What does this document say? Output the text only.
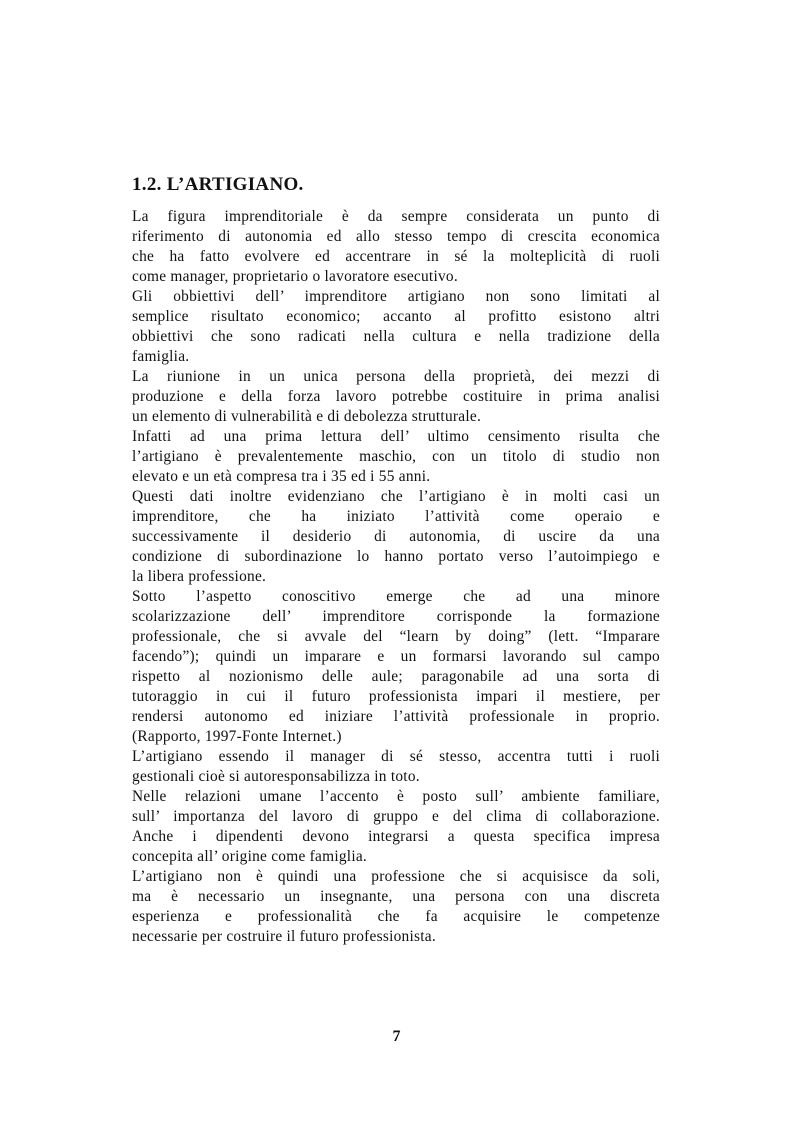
1.2. L’ARTIGIANO.
La figura imprenditoriale è da sempre considerata un punto di
riferimento di autonomia ed allo stesso tempo di crescita economica
che ha fatto evolvere ed accentrare in sé la molteplicità di ruoli
come manager, proprietario o lavoratore esecutivo.
Gli obbiettivi dell’ imprenditore artigiano non sono limitati al
semplice risultato economico; accanto al profitto esistono altri
obbiettivi che sono radicati nella cultura e nella tradizione della
famiglia.
La riunione in un unica persona della proprietà, dei mezzi di
produzione e della forza lavoro potrebbe costituire in prima analisi
un elemento di vulnerabilità e di debolezza strutturale.
Infatti ad una prima lettura dell’ ultimo censimento risulta che
l’artigiano è prevalentemente maschio, con un titolo di studio non
elevato e un età compresa tra i 35 ed i 55 anni.
Questi dati inoltre evidenziano che l’artigiano è in molti casi un
imprenditore, che ha iniziato l’attività come operaio e
successivamente il desiderio di autonomia, di uscire da una
condizione di subordinazione lo hanno portato verso l’autoimpiego e
la libera professione.
Sotto l’aspetto conoscitivo emerge che ad una minore
scolarizzazione dell’ imprenditore corrisponde la formazione
professionale, che si avvale del “learn by doing” (lett. “Imparare
facendo”); quindi un imparare e un formarsi lavorando sul campo
rispetto al nozionismo delle aule; paragonabile ad una sorta di
tutoraggio in cui il futuro professionista impari il mestiere, per
rendersi autonomo ed iniziare l’attività professionale in proprio.
(Rapporto, 1997-Fonte Internet.)
L’artigiano essendo il manager di sé stesso, accentra tutti i ruoli
gestionali cioè si autoresponsabilizza in toto.
Nelle relazioni umane l’accento è posto sull’ ambiente familiare,
sull’ importanza del lavoro di gruppo e del clima di collaborazione.
Anche i dipendenti devono integrarsi a questa specifica impresa
concepita all’ origine come famiglia.
L’artigiano non è quindi una professione che si acquisisce da soli,
ma è necessario un insegnante, una persona con una discreta
esperienza e professionalità che fa acquisire le competenze
necessarie per costruire il futuro professionista.
7
